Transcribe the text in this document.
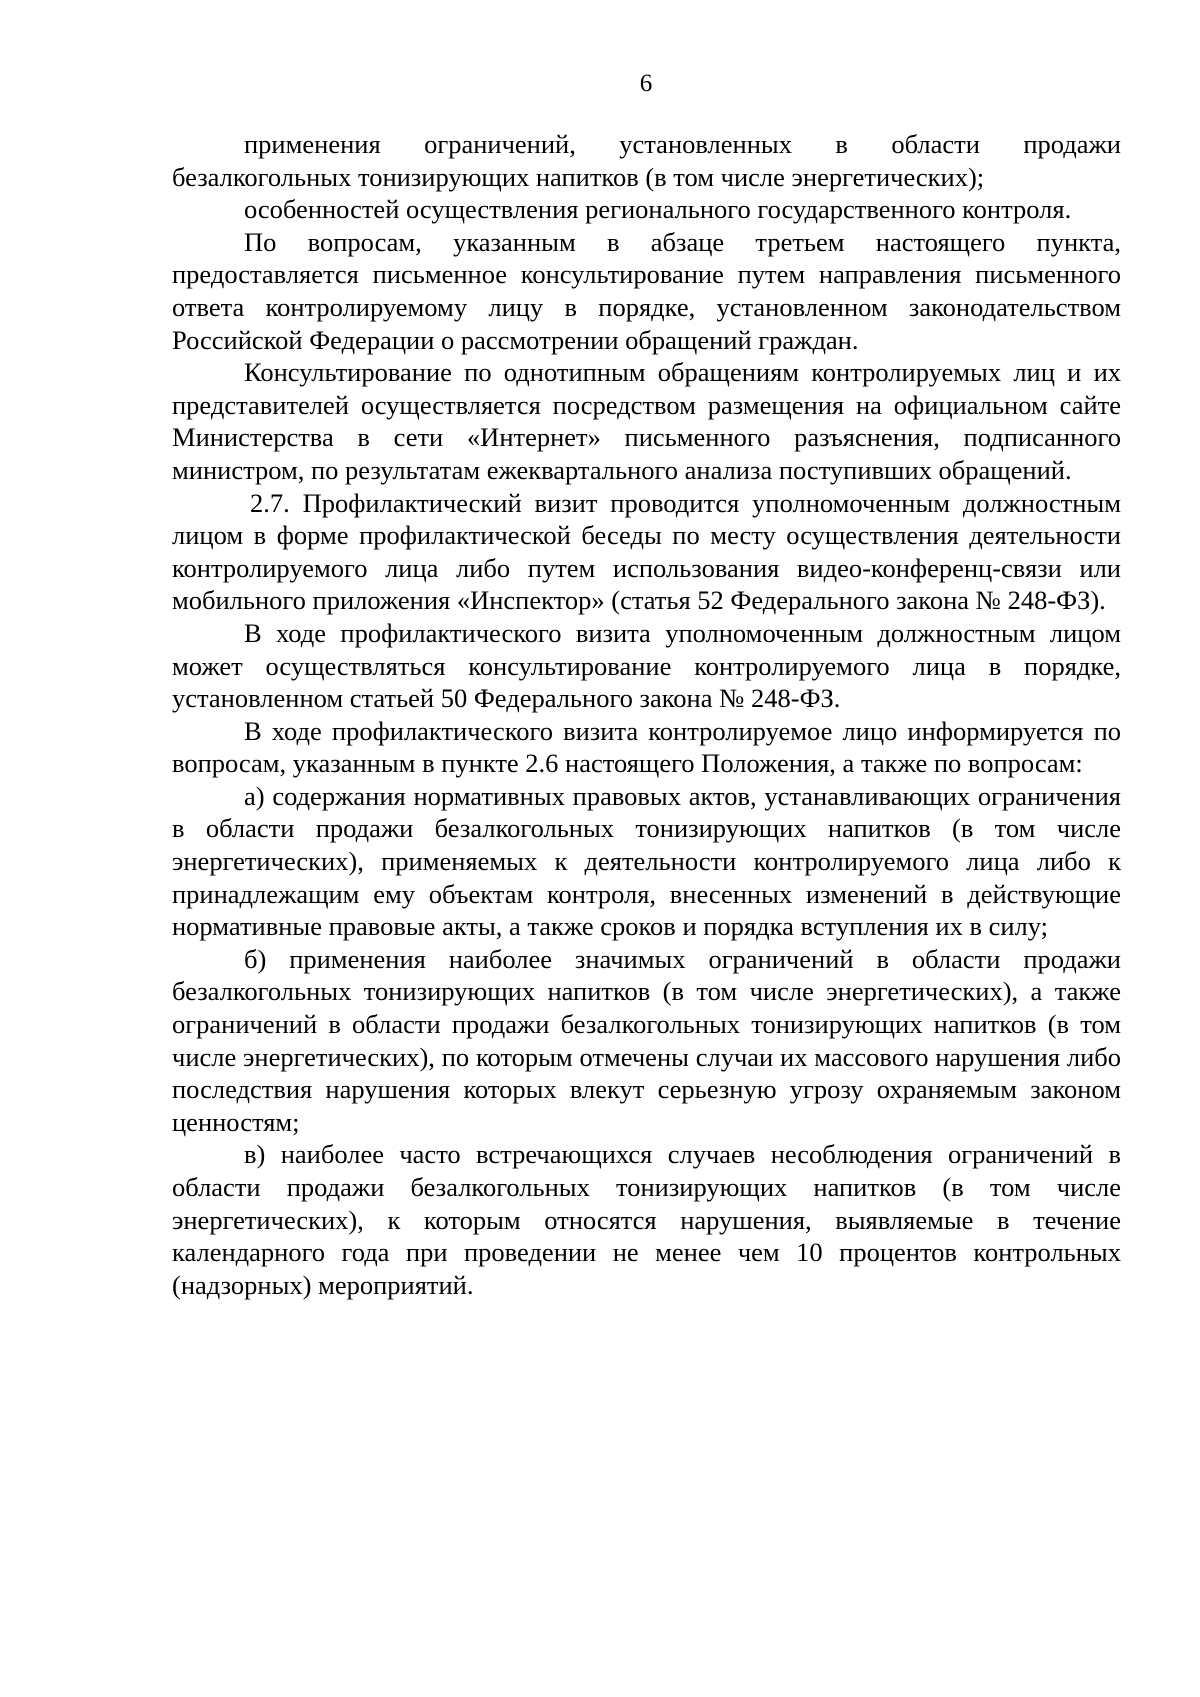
6

применения ограничений, установленных в области продажи безалкогольных тонизирующих напитков (в том числе энергетических);

особенностей осуществления регионального государственного контроля.

По вопросам, указанным в абзаце третьем настоящего пункта, предоставляется письменное консультирование путем направления письменного ответа контролируемому лицу в порядке, установленном законодательством Российской Федерации о рассмотрении обращений граждан.

Консультирование по однотипным обращениям контролируемых лиц и их представителей осуществляется посредством размещения на официальном сайте Министерства в сети «Интернет» письменного разъяснения, подписанного министром, по результатам ежеквартального анализа поступивших обращений.

2.7. Профилактический визит проводится уполномоченным должностным лицом в форме профилактической беседы по месту осуществления деятельности контролируемого лица либо путем использования видео-конференц-связи или мобильного приложения «Инспектор» (статья 52 Федерального закона № 248-ФЗ).

В ходе профилактического визита уполномоченным должностным лицом может осуществляться консультирование контролируемого лица в порядке, установленном статьей 50 Федерального закона № 248-ФЗ.

В ходе профилактического визита контролируемое лицо информируется по вопросам, указанным в пункте 2.6 настоящего Положения, а также по вопросам:

а) содержания нормативных правовых актов, устанавливающих ограничения в области продажи безалкогольных тонизирующих напитков (в том числе энергетических), применяемых к деятельности контролируемого лица либо к принадлежащим ему объектам контроля, внесенных изменений в действующие нормативные правовые акты, а также сроков и порядка вступления их в силу;

б) применения наиболее значимых ограничений в области продажи безалкогольных тонизирующих напитков (в том числе энергетических), а также ограничений в области продажи безалкогольных тонизирующих напитков (в том числе энергетических), по которым отмечены случаи их массового нарушения либо последствия нарушения которых влекут серьезную угрозу охраняемым законом ценностям;

в) наиболее часто встречающихся случаев несоблюдения ограничений в области продажи безалкогольных тонизирующих напитков (в том числе энергетических), к которым относятся нарушения, выявляемые в течение календарного года при проведении не менее чем 10 процентов контрольных (надзорных) мероприятий.
